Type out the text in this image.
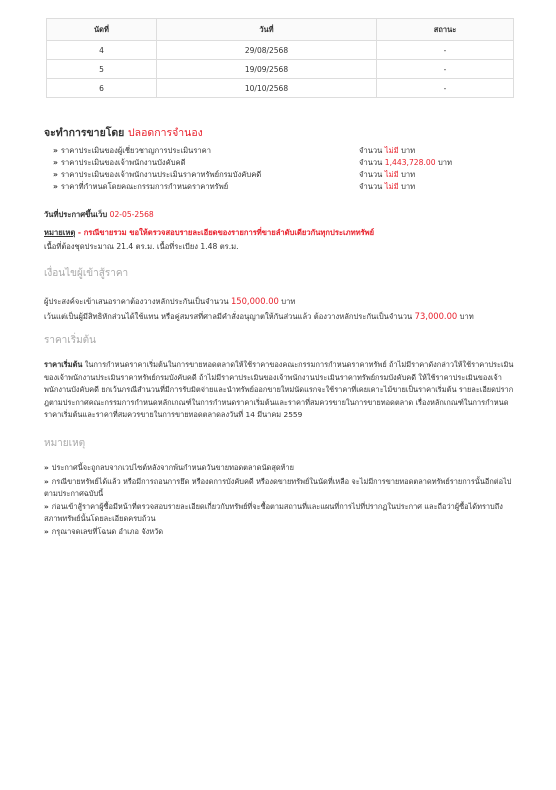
นัดที่	วันที่	สถานะ
4	29/08/2568	-
5	19/09/2568	-
6	10/10/2568	-
จะทำการขายโดย ปลอดการจำนอง
» ราคาประเมินของผู้เชี่ยวชาญการประเมินราคา	จำนวน ไม่มี บาท
» ราคาประเมินของเจ้าพนักงานบังคับคดี	จำนวน 1,443,728.00 บาท
» ราคาประเมินของเจ้าพนักงานประเมินราคาทรัพย์กรมบังคับคดี	จำนวน ไม่มี บาท
» ราคาที่กำหนดโดยคณะกรรมการกำหนดราคาทรัพย์	จำนวน ไม่มี บาท
วันที่ประกาศขึ้นเว็บ 02-05-2568
หมายเหตุ - กรณีขายรวม ขอให้ตรวจสอบรายละเอียดของรายการที่ขายลำดับเดียวกันทุกประเภททรัพย์
เนื้อที่ต้องชุดประมาณ 21.4 ตร.ม. เนื้อที่ระเบียง 1.48 ตร.ม.
เงื่อนไขผู้เข้าสู้ราคา
ผู้ประสงค์จะเข้าเสนอราคาต้องวางหลักประกันเป็นจำนวน 150,000.00 บาท
เว้นแต่เป็นผู้มีสิทธิหักส่วนได้ใช้แทน หรือคู่สมรสที่ศาลมีคำสั่งอนุญาตให้กันส่วนแล้ว ต้องวางหลักประกันเป็นจำนวน 73,000.00 บาท
ราคาเริ่มต้น
ราคาเริ่มต้น ในการกำหนดราคาเริ่มต้นในการขายทอดตลาดให้ใช้ราคาของคณะกรรมการกำหนดราคาทรัพย์ ถ้าไม่มีราคาดังกล่าวให้ใช้ราคาประเมินของเจ้าพนักงานประเมินราคาทรัพย์กรมบังคับคดี ถ้าไม่มีราคาประเมินของเจ้าพนักงานประเมินราคาทรัพย์กรมบังคับคดี ให้ใช้ราคาประเมินของเจ้าพนักงานบังคับคดี ยกเว้นกรณีสำนวนที่มีการรับมิตจ่ายและนำทรัพย์ออกขายใหม่นัดแรกจะใช้ราคาที่เคยเคาะไม้ขายเป็นราคาเริ่มต้น รายละเอียดปรากฎตามประกาศคณะกรรมการกำหนดหลักเกณฑ์ในการกำหนดราคาเริ่มต้นและราคาที่สมควรขายในการขายทอดตลาด เรื่องหลักเกณฑ์ในการกำหนดราคาเริ่มต้นและราคาที่สมควรขายในการขายทอดตลาดลงวันที่ 14 มีนาคม 2559
หมายเหตุ
» ประกาศนี้จะถูกลบจากเวปไซต์หลังจากพ้นกำหนดวันขายทอดตลาดนัดสุดท้าย
» กรณีขายทรัพย์ได้แล้ว หรือมีการถอนการยึด หรืองดการบังคับคดี หรืองดขายทรัพย์ในนัดที่เหลือ จะไม่มีการขายทอดตลาดทรัพย์รายการนั้นอีกต่อไปตามประกาศฉบับนี้
» ก่อนเข้าสู้ราคาผู้ซื้อมีหน้าที่ตรวจสอบรายละเอียดเกี่ยวกับทรัพย์ที่จะซื้อตามสถานที่และแผนที่การไปที่ปรากฏในประกาศ และถือว่าผู้ซื้อได้ทราบถึงสภาพทรัพย์นั้นโดยละเอียดครบถ้วน
» กรุณาจดเลขที่โฉนด อำเภอ จังหวัด
